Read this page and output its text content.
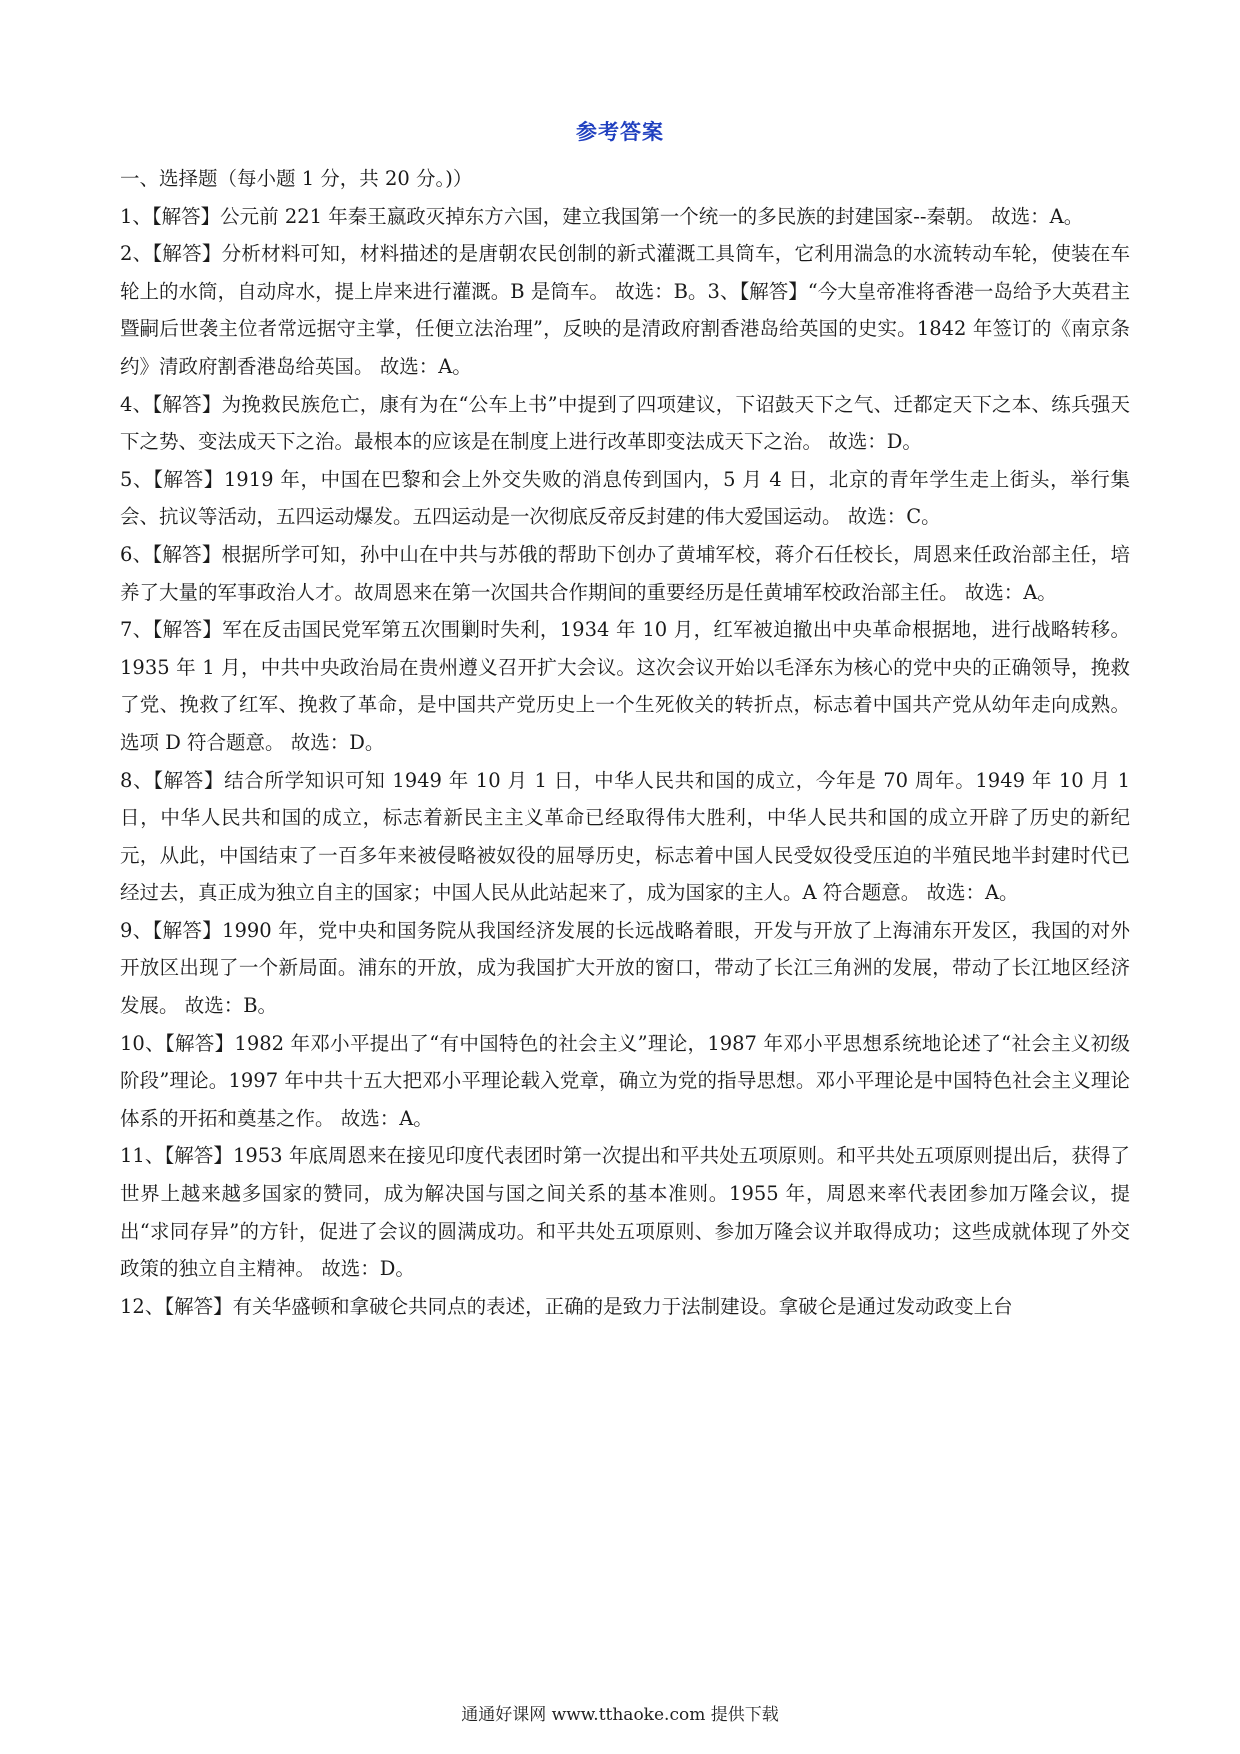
参考答案

一、选择题（每小题 1 分，共 20 分。)）

1、【解答】公元前 221 年秦王嬴政灭掉东方六国，建立我国第一个统一的多民族的封建国家--秦朝。 故选：A。

2、【解答】分析材料可知，材料描述的是唐朝农民创制的新式灌溉工具筒车，它利用湍急的水流转动车轮，使装在车轮上的水筒，自动戽水，提上岸来进行灌溉。B 是筒车。 故选：B。3、【解答】“今大皇帝准将香港一岛给予大英君主暨嗣后世袭主位者常远据守主掌，任便立法治理”，反映的是清政府割香港岛给英国的史实。1842 年签订的《南京条约》清政府割香港岛给英国。 故选：A。

4、【解答】为挽救民族危亡，康有为在“公车上书”中提到了四项建议，下诏鼓天下之气、迁都定天下之本、练兵强天下之势、变法成天下之治。最根本的应该是在制度上进行改革即变法成天下之治。 故选：D。

5、【解答】1919 年，中国在巴黎和会上外交失败的消息传到国内，5 月 4 日，北京的青年学生走上街头，举行集会、抗议等活动，五四运动爆发。五四运动是一次彻底反帝反封建的伟大爱国运动。 故选：C。

6、【解答】根据所学可知，孙中山在中共与苏俄的帮助下创办了黄埔军校，蒋介石任校长，周恩来任政治部主任，培养了大量的军事政治人才。故周恩来在第一次国共合作期间的重要经历是任黄埔军校政治部主任。 故选：A。

7、【解答】军在反击国民党军第五次围剿时失利，1934 年 10 月，红军被迫撤出中央革命根据地，进行战略转移。1935 年 1 月，中共中央政治局在贵州遵义召开扩大会议。这次会议开始以毛泽东为核心的党中央的正确领导，挽救了党、挽救了红军、挽救了革命，是中国共产党历史上一个生死攸关的转折点，标志着中国共产党从幼年走向成熟。选项 D 符合题意。 故选：D。

8、【解答】结合所学知识可知 1949 年 10 月 1 日，中华人民共和国的成立，今年是 70 周年。1949 年 10 月 1 日，中华人民共和国的成立，标志着新民主主义革命已经取得伟大胜利，中华人民共和国的成立开辟了历史的新纪元，从此，中国结束了一百多年来被侵略被奴役的屈辱历史，标志着中国人民受奴役受压迫的半殖民地半封建时代已经过去，真正成为独立自主的国家；中国人民从此站起来了，成为国家的主人。A 符合题意。 故选：A。

9、【解答】1990 年，党中央和国务院从我国经济发展的长远战略着眼，开发与开放了上海浦东开发区，我国的对外开放区出现了一个新局面。浦东的开放，成为我国扩大开放的窗口，带动了长江三角洲的发展，带动了长江地区经济发展。 故选：B。

10、【解答】1982 年邓小平提出了“有中国特色的社会主义”理论，1987 年邓小平思想系统地论述了“社会主义初级阶段”理论。1997 年中共十五大把邓小平理论载入党章，确立为党的指导思想。邓小平理论是中国特色社会主义理论体系的开拓和奠基之作。 故选：A。

11、【解答】1953 年底周恩来在接见印度代表团时第一次提出和平共处五项原则。和平共处五项原则提出后，获得了世界上越来越多国家的赞同，成为解决国与国之间关系的基本准则。1955 年，周恩来率代表团参加万隆会议，提出“求同存异”的方针，促进了会议的圆满成功。和平共处五项原则、参加万隆会议并取得成功；这些成就体现了外交政策的独立自主精神。 故选：D。

12、【解答】有关华盛顿和拿破仑共同点的表述，正确的是致力于法制建设。拿破仑是通过发动政变上台

通通好课网 www.tthaoke.com 提供下载
